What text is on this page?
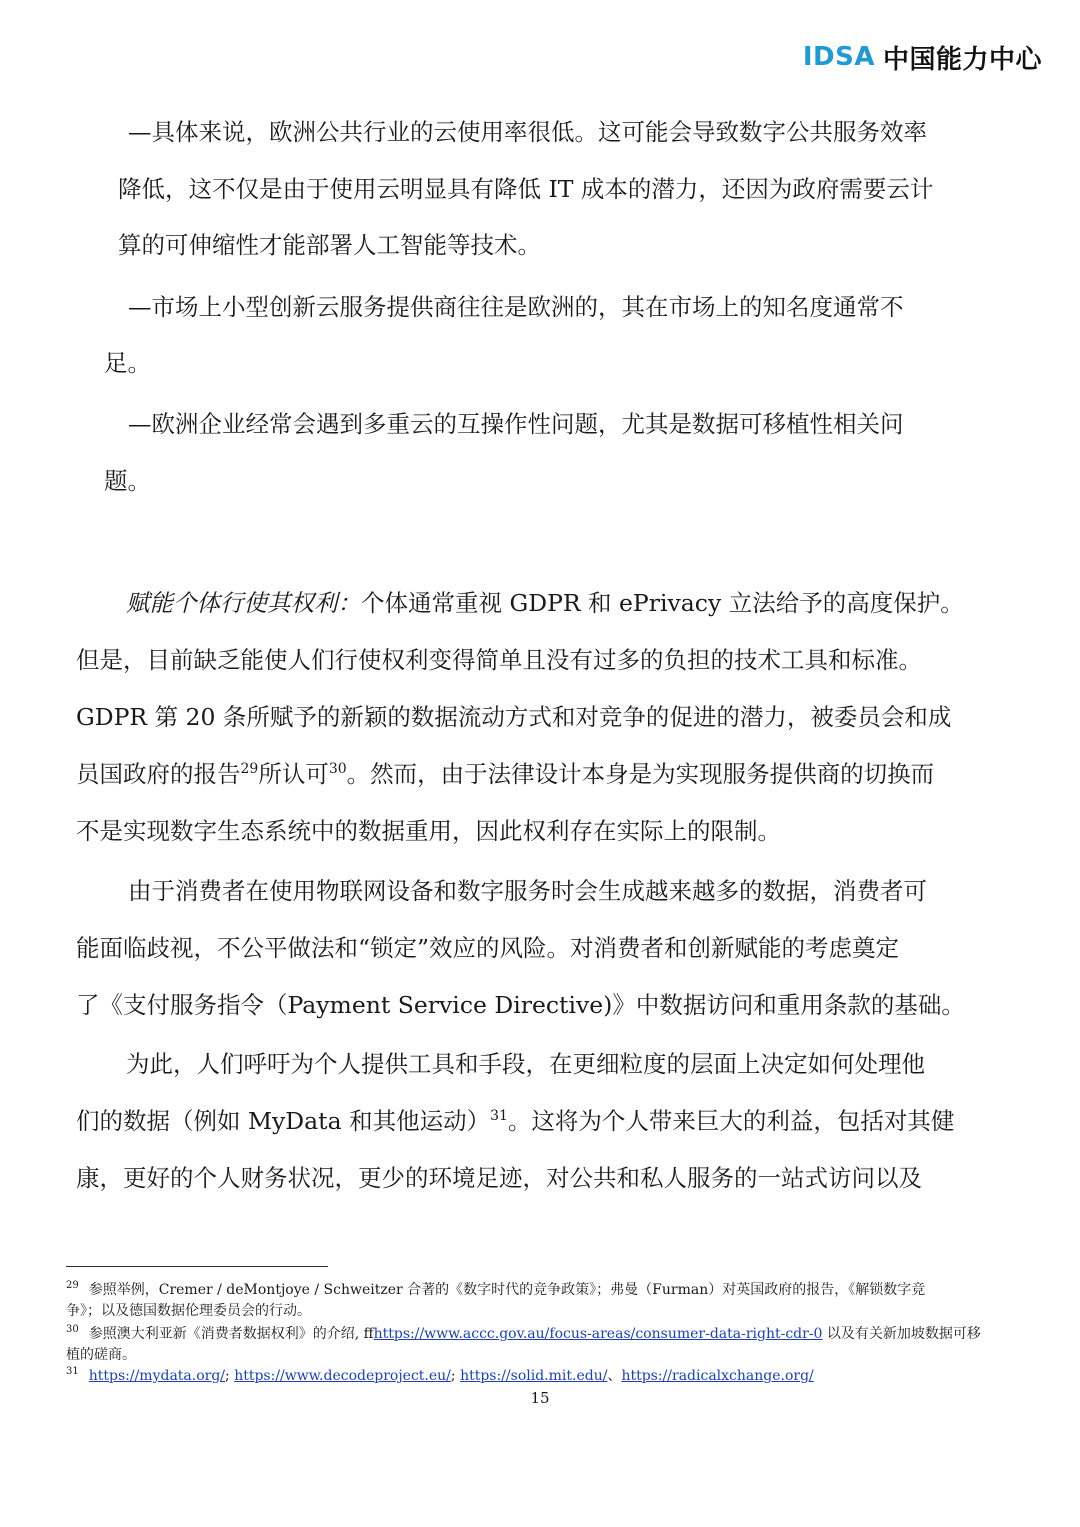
IDSA 中国能力中心
—具体来说，欧洲公共行业的云使用率很低。这可能会导致数字公共服务效率
降低，这不仅是由于使用云明显具有降低 IT 成本的潜力，还因为政府需要云计
算的可伸缩性才能部署人工智能等技术。
—市场上小型创新云服务提供商往往是欧洲的，其在市场上的知名度通常不
足。
—欧洲企业经常会遇到多重云的互操作性问题，尤其是数据可移植性相关问
题。
赋能个体行使其权利：个体通常重视 GDPR 和 ePrivacy 立法给予的高度保护。
但是，目前缺乏能使人们行使权利变得简单且没有过多的负担的技术工具和标准。
GDPR 第 20 条所赋予的新颖的数据流动方式和对竞争的促进的潜力，被委员会和成
员国政府的报告$^{29}$所认可$^{30}$。然而，由于法律设计本身是为实现服务提供商的切换而
不是实现数字生态系统中的数据重用，因此权利存在实际上的限制。
由于消费者在使用物联网设备和数字服务时会生成越来越多的数据，消费者可
能面临歧视，不公平做法和“锁定”效应的风险。对消费者和创新赋能的考虑奠定
了《支付服务指令（Payment Service Directive)》中数据访问和重用条款的基础。
为此，人们呼吁为个人提供工具和手段，在更细粒度的层面上决定如何处理他
们的数据（例如 MyData 和其他运动）$^{31}$。这将为个人带来巨大的利益，包括对其健
康，更好的个人财务状况，更少的环境足迹，对公共和私人服务的一站式访问以及
$^{29}$ 参照举例，Cremer / deMontjoye / Schweitzer 合著的《数字时代的竞争政策》；弗曼（Furman）对英国政府的报告，《解锁数字竞
争》；以及德国数据伦理委员会的行动。
$^{30}$ 参照澳大利亚新《消费者数据权利》的介绍, ffhttps://www.accc.gov.au/focus-areas/consumer-data-right-cdr-0 以及有关新加坡数据可移
植的磋商。
$^{31}$ https://mydata.org/; https://www.decodeproject.eu/; https://solid.mit.edu/、https://radicalxchange.org/
15
